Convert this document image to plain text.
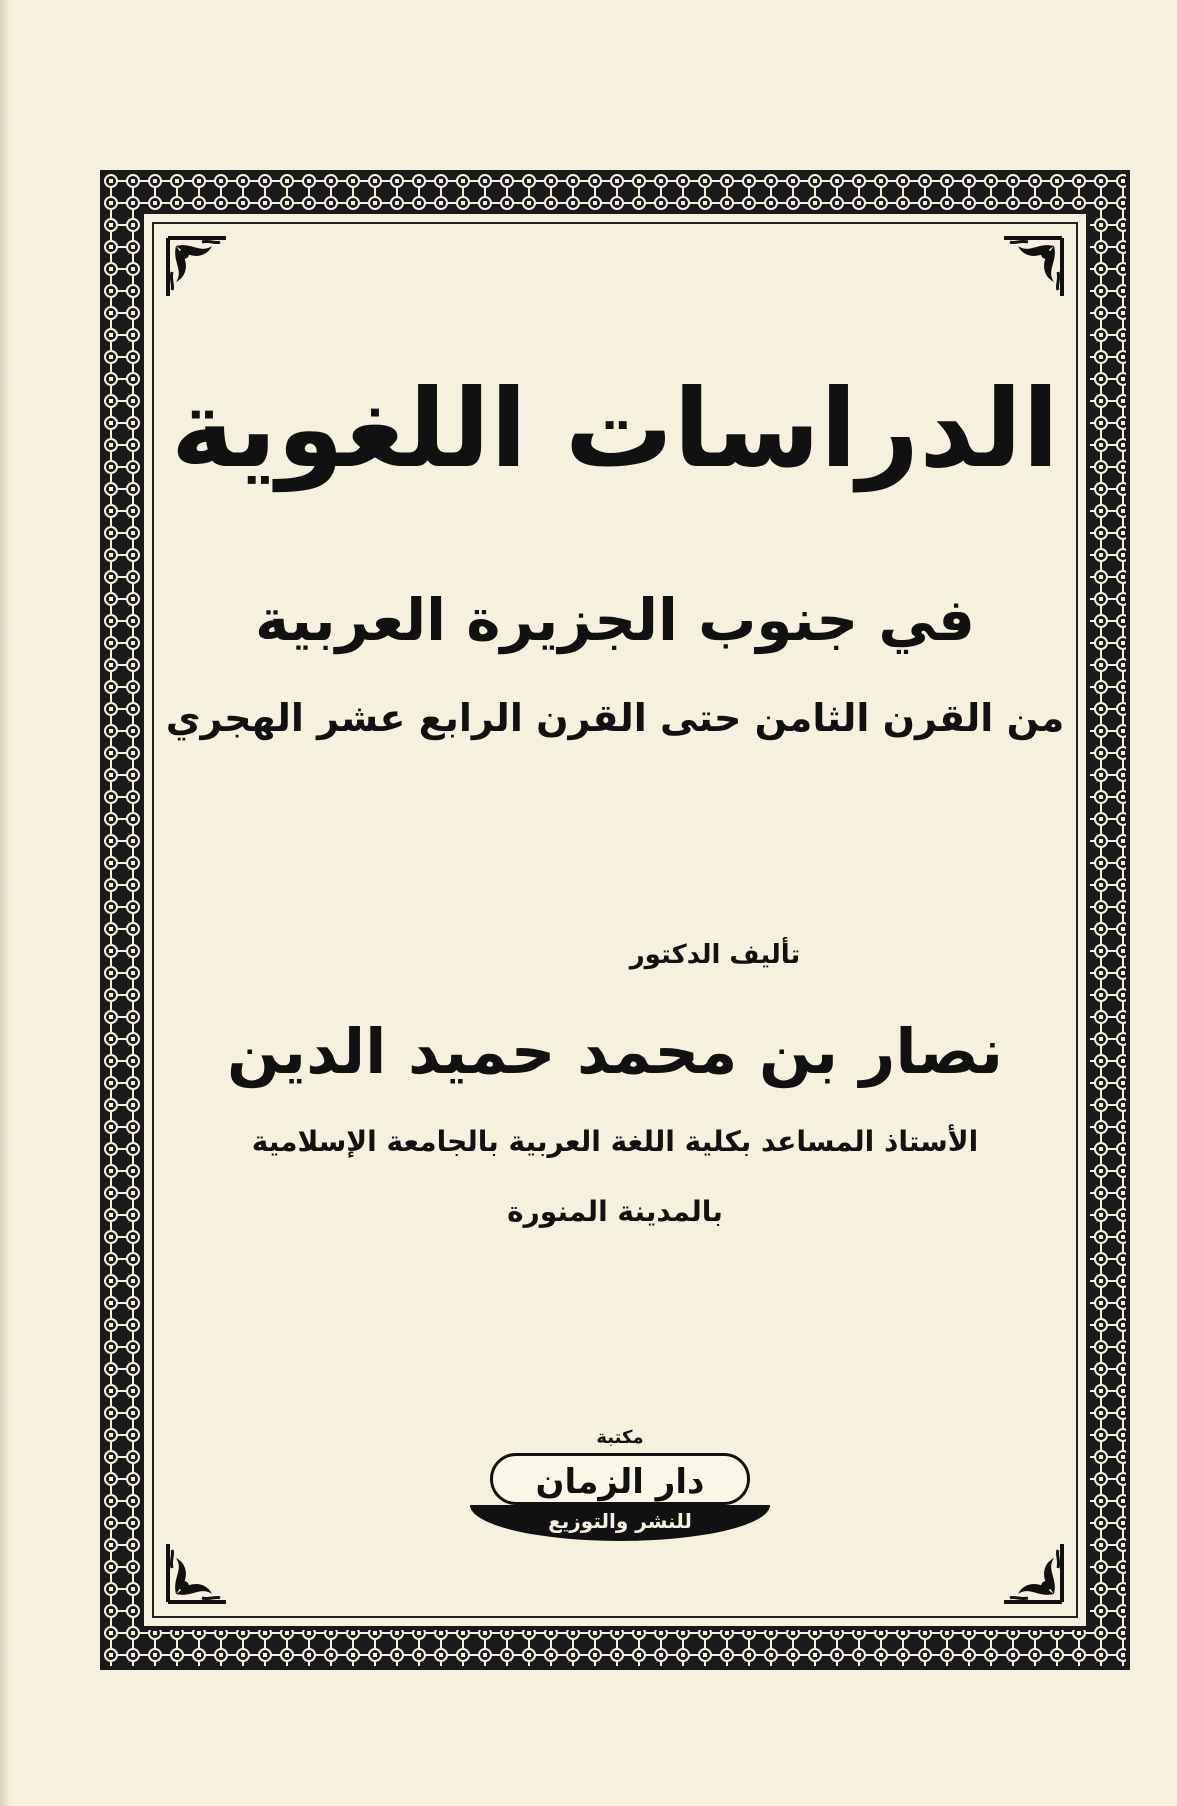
الدراسات اللغوية
في جنوب الجزيرة العربية
من القرن الثامن حتى القرن الرابع عشر الهجري
تأليف الدكتور
نصار بن محمد حميد الدين
الأستاذ المساعد بكلية اللغة العربية بالجامعة الإسلامية
بالمدينة المنورة
مكتبة
دار الزمان
للنشر والتوزيع
